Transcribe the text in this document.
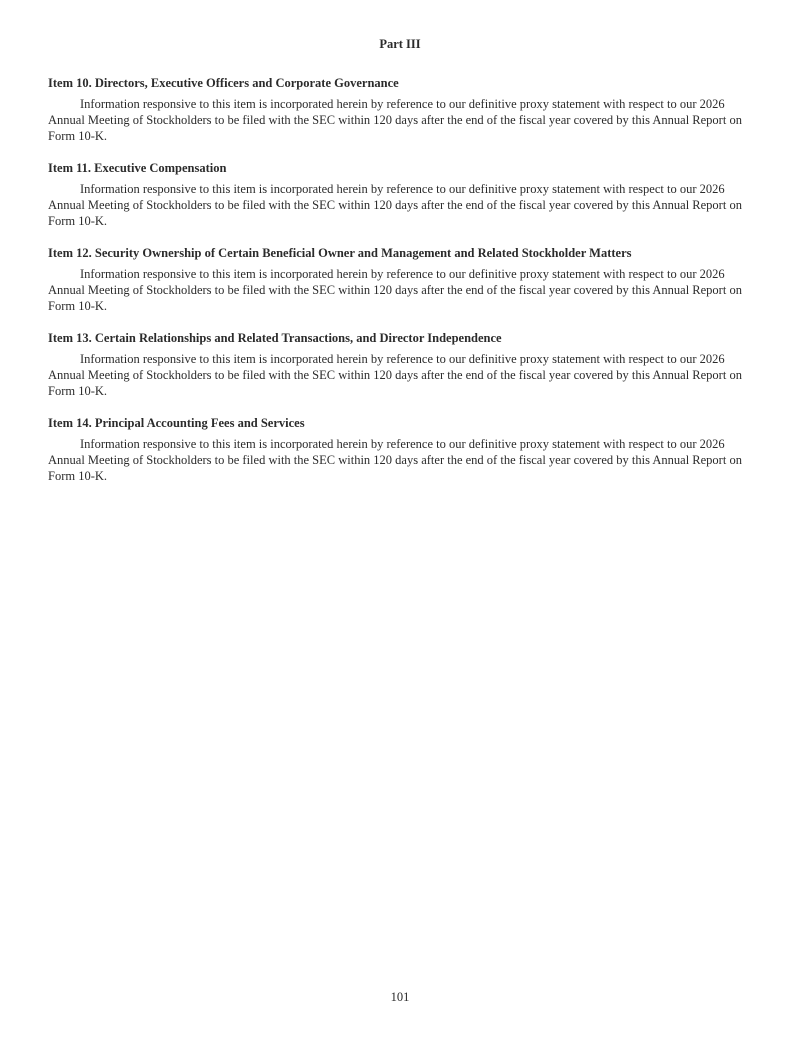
Part III
Item 10. Directors, Executive Officers and Corporate Governance

Information responsive to this item is incorporated herein by reference to our definitive proxy statement with respect to our 2026 Annual Meeting of Stockholders to be filed with the SEC within 120 days after the end of the fiscal year covered by this Annual Report on Form 10-K.

Item 11. Executive Compensation

Information responsive to this item is incorporated herein by reference to our definitive proxy statement with respect to our 2026 Annual Meeting of Stockholders to be filed with the SEC within 120 days after the end of the fiscal year covered by this Annual Report on Form 10-K.

Item 12. Security Ownership of Certain Beneficial Owner and Management and Related Stockholder Matters

Information responsive to this item is incorporated herein by reference to our definitive proxy statement with respect to our 2026 Annual Meeting of Stockholders to be filed with the SEC within 120 days after the end of the fiscal year covered by this Annual Report on Form 10-K.

Item 13. Certain Relationships and Related Transactions, and Director Independence

Information responsive to this item is incorporated herein by reference to our definitive proxy statement with respect to our 2026 Annual Meeting of Stockholders to be filed with the SEC within 120 days after the end of the fiscal year covered by this Annual Report on Form 10-K.

Item 14. Principal Accounting Fees and Services

Information responsive to this item is incorporated herein by reference to our definitive proxy statement with respect to our 2026 Annual Meeting of Stockholders to be filed with the SEC within 120 days after the end of the fiscal year covered by this Annual Report on Form 10-K.

101
